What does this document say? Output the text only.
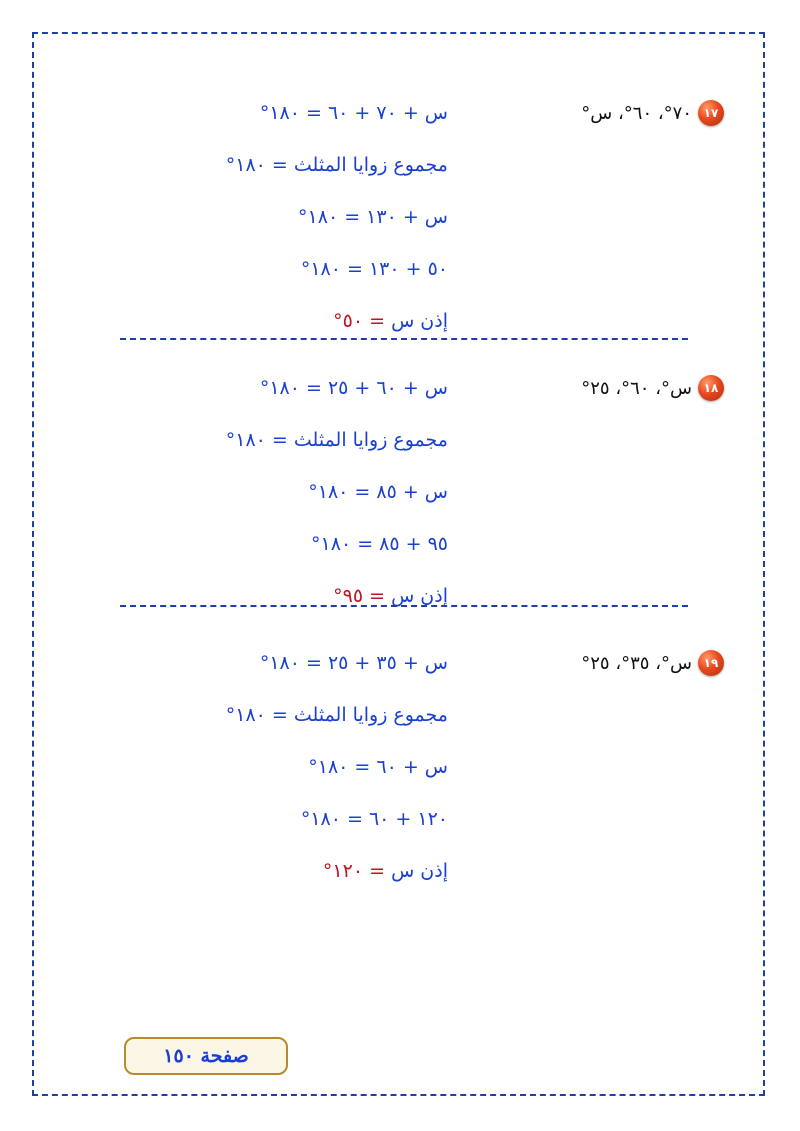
١٧
٧٠°، ٦٠°، س°
س + ٧٠ + ٦٠ = ١٨٠°
مجموع زوايا المثلث = ١٨٠°
س + ١٣٠ = ١٨٠°
٥٠ + ١٣٠ = ١٨٠°
إذن س = ٥٠°
١٨
س°، ٦٠°، ٢٥°
س + ٦٠ + ٢٥ = ١٨٠°
مجموع زوايا المثلث = ١٨٠°
س + ٨٥ = ١٨٠°
٩٥ + ٨٥ = ١٨٠°
إذن س = ٩٥°
١٩
س°، ٣٥°، ٢٥°
س + ٣٥ + ٢٥ = ١٨٠°
مجموع زوايا المثلث = ١٨٠°
س + ٦٠ = ١٨٠°
١٢٠ + ٦٠ = ١٨٠°
إذن س = ١٢٠°
صفحة ١٥٠
